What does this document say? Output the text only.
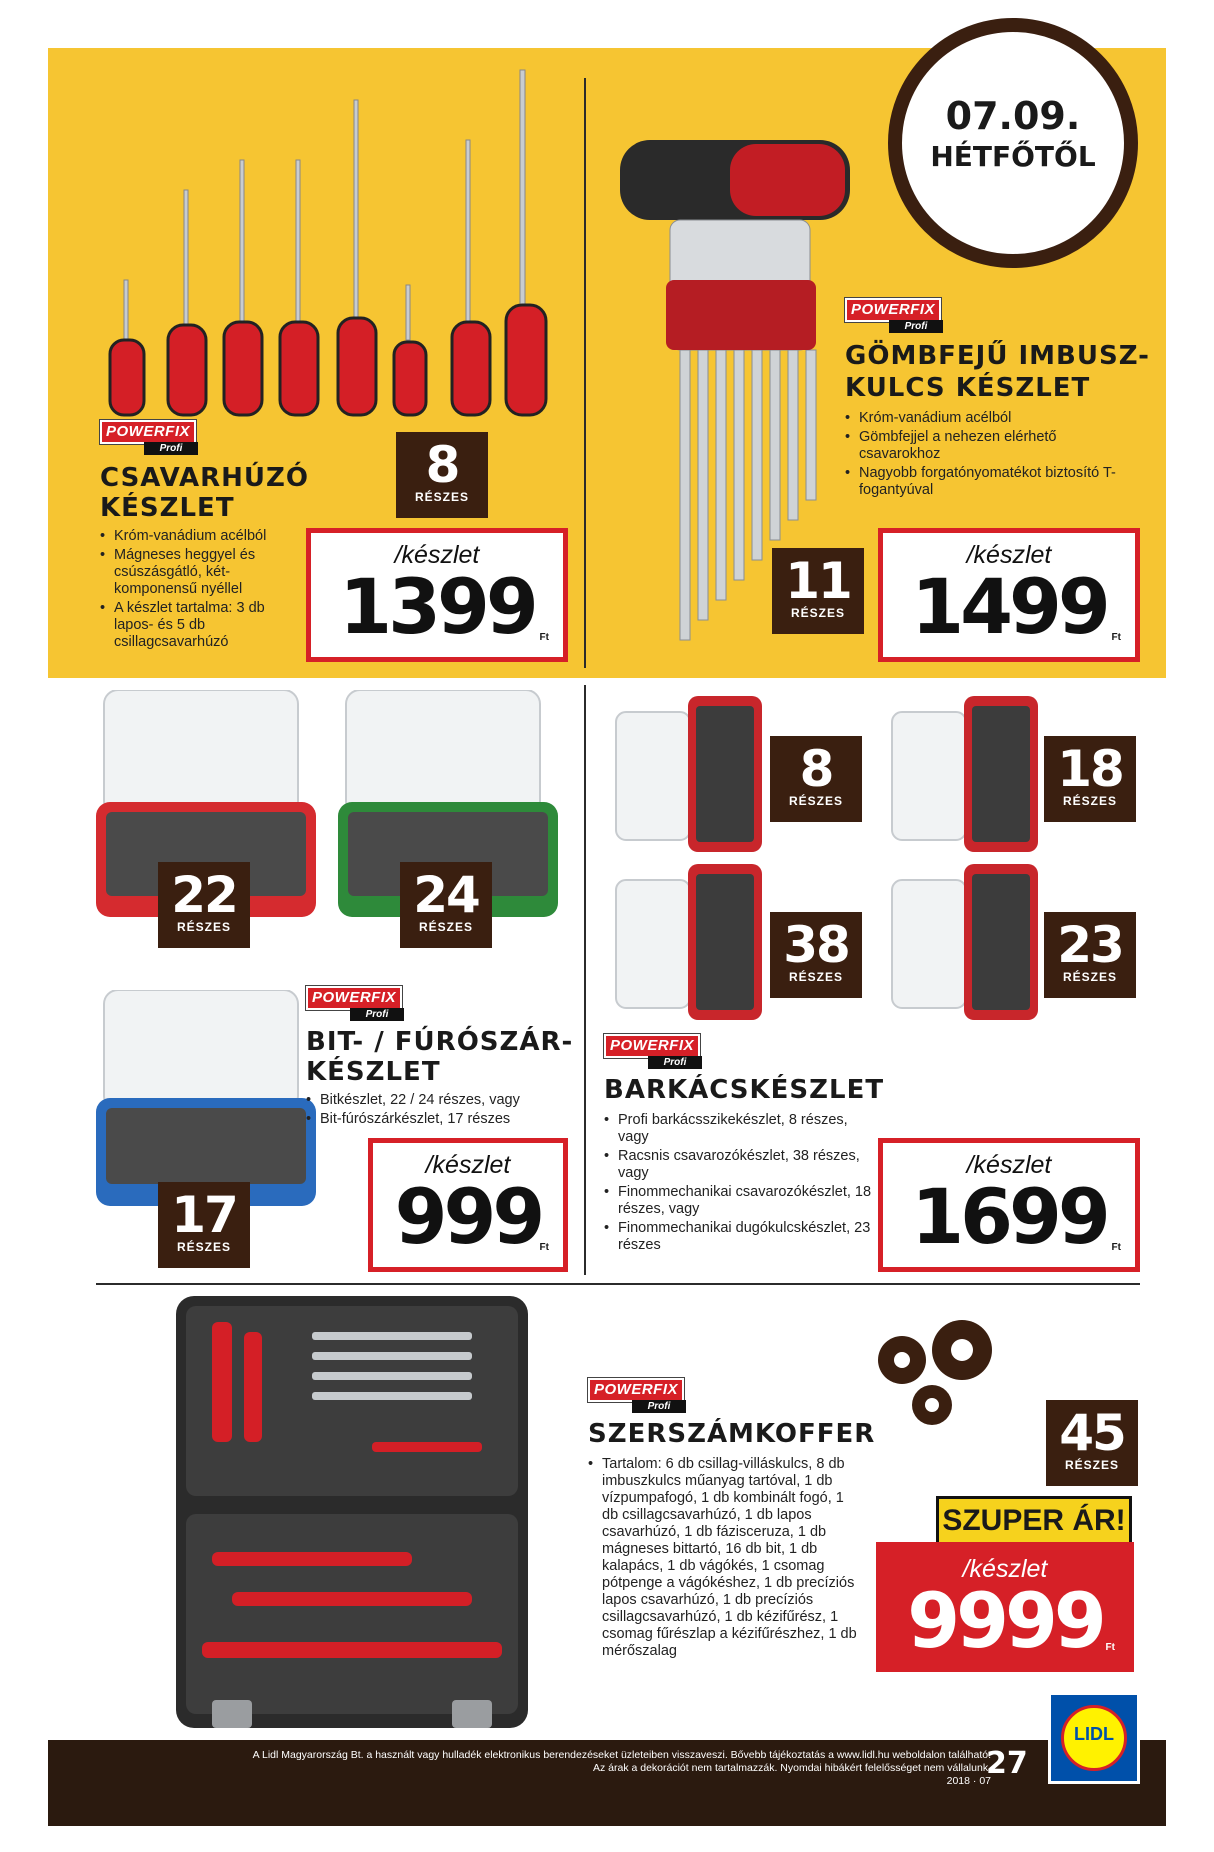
07.09.
HÉTFŐTŐL
POWERFIX
Profi
CSAVARHÚZÓ
KÉSZLET
• Króm-vanádium acélból
• Mágneses heggyel és csúszásgátló, két-komponensű nyéllel
• A készlet tartalma: 3 db lapos- és 5 db csillagcsavarhúzó
8
RÉSZES
/készlet
1399 Ft
POWERFIX
Profi
GÖMBFEJŰ IMBUSZ-
KULCS KÉSZLET
• Króm-vanádium acélból
• Gömbfejjel a nehezen elérhető csavarokhoz
• Nagyobb forgatónyomatékot biztosító T-fogantyúval
11
RÉSZES
/készlet
1499 Ft
22
RÉSZES
24
RÉSZES
17
RÉSZES
POWERFIX
Profi
BIT- / FÚRÓSZÁR-
KÉSZLET
• Bitkészlet, 22 / 24 részes, vagy
• Bit-fúrószárkészlet, 17 részes
/készlet
999
Ft
8
RÉSZES
18
RÉSZES
38
RÉSZES
23
RÉSZES
POWERFIX
Profi
BARKÁCSKÉSZLET
• Profi barkácsszikekészlet, 8 részes, vagy
• Racsnis csavarozókészlet, 38 részes, vagy
• Finommechanikai csavarozókészlet, 18 részes, vagy
• Finommechanikai dugókulcskészlet, 23 részes
/készlet
1699 Ft
POWERFIX
Profi
SZERSZÁMKOFFER
• Tartalom: 6 db csillag-villáskulcs, 8 db imbuszkulcs műanyag tartóval, 1 db vízpumpafogó, 1 db kombinált fogó, 1 db csillagcsavarhúzó, 1 db lapos csavarhúzó, 1 db fázisceruza, 1 db mágneses bittartó, 16 db bit, 1 db kalapács, 1 db vágókés, 1 csomag pótpenge a vágókéshez, 1 db precíziós lapos csavarhúzó, 1 db precíziós csillagcsavarhúzó, 1 db kézifűrész, 1 csomag fűrészlap a kézifűrészhez, 1 db mérőszalag
45
RÉSZES
SZUPER ÁR!
/készlet
9999 Ft
A Lidl Magyarország Bt. a használt vagy hulladék elektronikus berendezéseket üzleteiben visszaveszi. Bővebb tájékoztatás a www.lidl.hu weboldalon található.
Az árak a dekorációt nem tartalmazzák. Nyomdai hibákért felelősséget nem vállalunk.
2018 · 07
27
LIDL
